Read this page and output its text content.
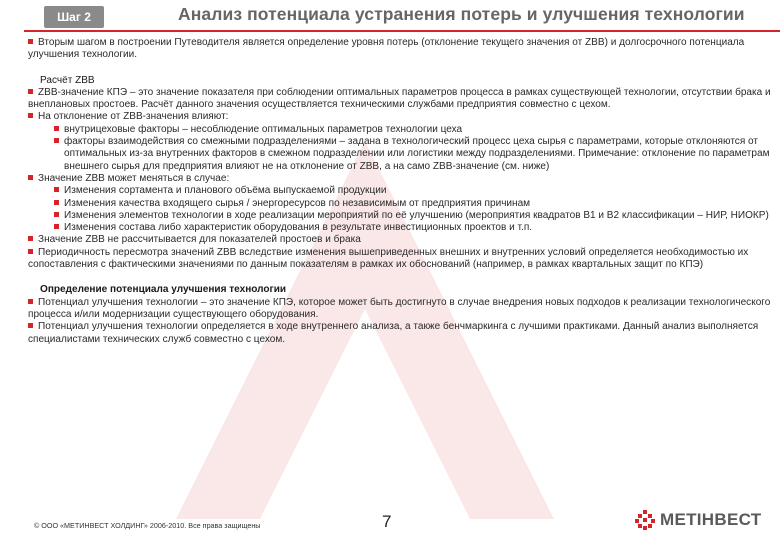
Шаг 2	Анализ потенциала устранения потерь и улучшения технологии

Вторым шагом в построении Путеводителя является определение уровня потерь (отклонение текущего значения от ZBB) и долгосрочного потенциала улучшения технологии.

Расчёт ZBB

ZBB-значение КПЭ – это значение показателя при соблюдении оптимальных параметров процесса в рамках существующей технологии, отсутствии брака и внеплановых простоев. Расчёт данного значения осуществляется техническими службами предприятия совместно с цехом.

На отклонение от ZBB-значения влияют:

внутрицеховые факторы – несоблюдение оптимальных параметров технологии цеха

факторы взаимодействия со смежными подразделениями – задана в технологический процесс цеха сырья с параметрами, которые отклоняются от оптимальных из-за внутренних факторов в смежном подразделении или логистики между подразделениями. Примечание: отклонение по параметрам внешнего сырья для предприятия влияют не на отклонение от ZBB, а на само ZBB-значение (см. ниже)

Значение ZBB может меняться в случае:

Изменения сортамента и планового объёма выпускаемой продукции

Изменения качества входящего сырья / энергоресурсов по независимым от предприятия причинам

Изменения элементов технологии в ходе реализации мероприятий по её улучшению (мероприятия квадратов B1 и B2 классификации – НИР, НИОКР)

Изменения состава либо характеристик оборудования в результате инвестиционных проектов и т.п.

Значение ZBB не рассчитывается для показателей простоев и брака

Периодичность пересмотра значений ZBB вследствие изменения вышеприведенных внешних и внутренних условий определяется необходимостью их сопоставления с фактическими значениями по данным показателям в рамках их обоснований (например, в рамках квартальных защит по КПЭ)

Определение потенциала улучшения технологии

Потенциал улучшения технологии – это значение КПЭ, которое может быть достигнуто в случае внедрения новых подходов к реализации технологического процесса и/или модернизации существующего оборудования.

Потенциал улучшения технологии определяется в ходе внутреннего анализа, а также бенчмаркинга с лучшими практиками. Данный анализ выполняется специалистами технических служб совместно с цехом.

© ООО «МЕТИНВЕСТ ХОЛДИНГ» 2006-2010. Все права защищены	7	МЕТІНВЕСТ
